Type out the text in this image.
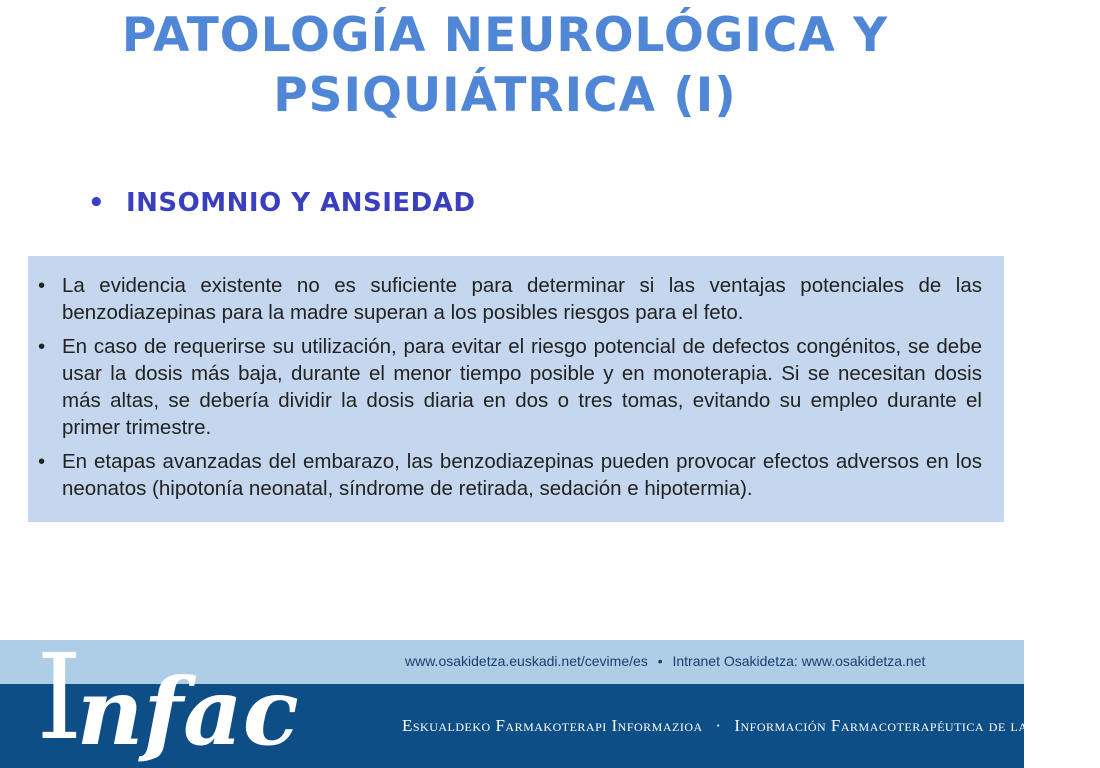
PATOLOGÍA NEUROLÓGICA Y
PSIQUIÁTRICA (I)
• INSOMNIO Y ANSIEDAD
• La evidencia existente no es suficiente para determinar si las ventajas potenciales de las benzodiazepinas para la madre superan a los posibles riesgos para el feto.
• En caso de requerirse su utilización, para evitar el riesgo potencial de defectos congénitos, se debe usar la dosis más baja, durante el menor tiempo posible y en monoterapia. Si se necesitan dosis más altas, se debería dividir la dosis diaria en dos o tres tomas, evitando su empleo durante el primer trimestre.
• En etapas avanzadas del embarazo, las benzodiazepinas pueden provocar efectos adversos en los neonatos (hipotonía neonatal, síndrome de retirada, sedación e hipotermia).
Infac	www.osakidetza.euskadi.net/cevime/es • Intranet Osakidetza: www.osakidetza.net
Eskualdeko Farmakoterapi Informazioa · Información Farmacoterapéutica de la Comarca
